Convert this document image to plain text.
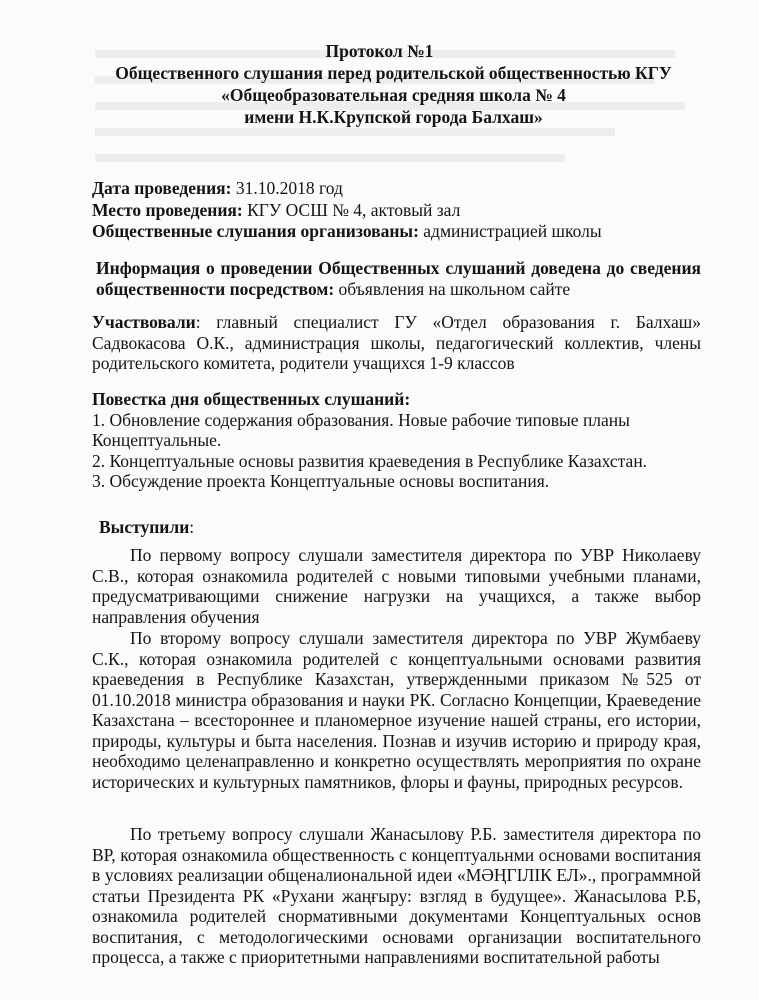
Протокол №1
Общественного слушания перед родительской общественностью КГУ
«Общеобразовательная средняя школа № 4
имени Н.К.Крупской города Балхаш»
Дата проведения: 31.10.2018 год
Место проведения: КГУ ОСШ № 4, актовый зал
Общественные слушания организованы: администрацией школы
Информация о проведении Общественных слушаний доведена до сведения общественности посредством: объявления на школьном сайте
Участвовали: главный специалист ГУ «Отдел образования г. Балхаш» Садвокасова О.К., администрация школы, педагогический коллектив, члены родительского комитета, родители учащихся 1-9 классов
Повестка дня общественных слушаний:
1. Обновление содержания образования. Новые рабочие типовые планы Концептуальные.
2. Концептуальные основы развития краеведения в Республике Казахстан.
3. Обсуждение проекта Концептуальные основы воспитания.
Выступили:
По первому вопросу слушали заместителя директора по УВР Николаеву С.В., которая ознакомила родителей с новыми типовыми учебными планами, предусматривающими снижение нагрузки на учащихся, а также выбор направления обучения
По второму вопросу слушали заместителя директора по УВР Жумбаеву С.К., которая ознакомила родителей с концептуальными основами развития краеведения в Республике Казахстан, утвержденными приказом №525 от 01.10.2018 министра образования и науки РК. Согласно Концепции, Краеведение Казахстана – всестороннее и планомерное изучение нашей страны, его истории, природы, культуры и быта населения. Познав и изучив историю и природу края, необходимо целенаправленно и конкретно осуществлять мероприятия по охране исторических и культурных памятников, флоры и фауны, природных ресурсов.
По третьему вопросу слушали Жанасылову Р.Б. заместителя директора по ВР, которая ознакомила общественность с концептуальнми основами воспитания в условиях реализации общеналиональной идеи «МӘҢГІЛІК ЕЛ»., программной статьи Президента РК «Рухани жаңғыру: взгляд в будущее». Жанасылова Р.Б, ознакомила родителей снормативными документами Концептуальных основ воспитания, с методологическими основами организации воспитательного процесса, а также с приоритетными направлениями воспитательной работы
